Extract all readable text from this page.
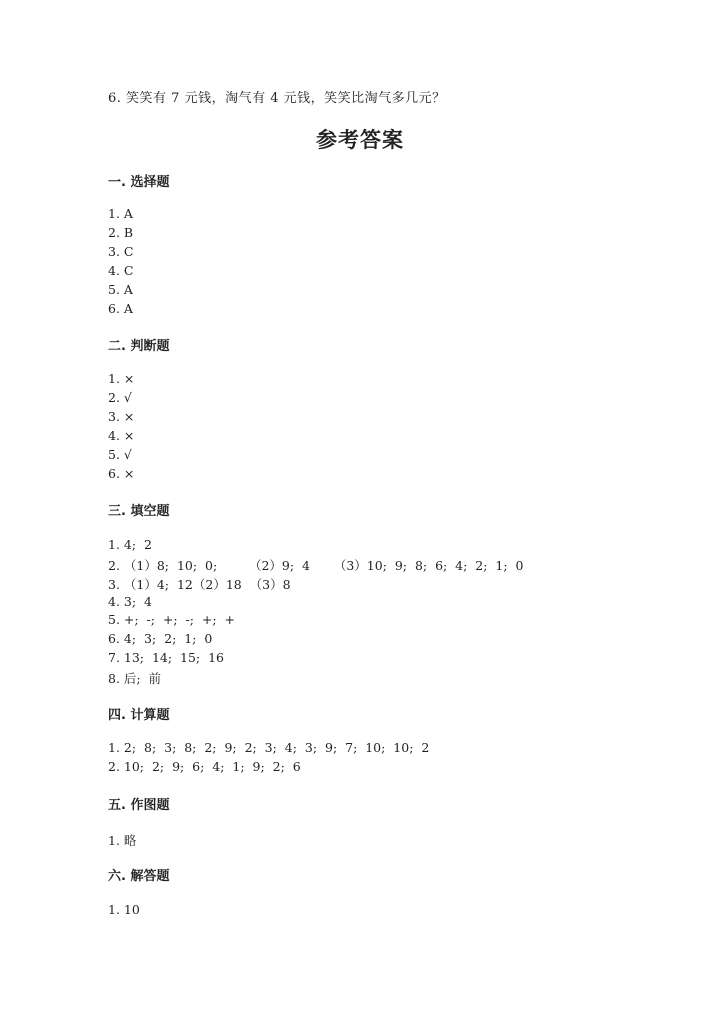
6. 笑笑有 7 元钱，淘气有 4 元钱，笑笑比淘气多几元？
参考答案
一. 选择题
1. A
2. B
3. C
4. C
5. A
6. A
二. 判断题
1. ×
2. √
3. ×
4. ×
5. √
6. ×
三. 填空题
1. 4;  2
2. （1）8;  10;  0;        （2）9;  4      （3）10;  9;  8;  6;  4;  2;  1;  0
3. （1）4;  12（2）18  （3）8
4. 3;  4
5. +;  -;  +;  -;  +;  +
6. 4;  3;  2;  1;  0
7. 13;  14;  15;  16
8. 后;  前
四. 计算题
1. 2;  8;  3;  8;  2;  9;  2;  3;  4;  3;  9;  7;  10;  10;  2
2. 10;  2;  9;  6;  4;  1;  9;  2;  6
五. 作图题
1. 略
六. 解答题
1. 10
